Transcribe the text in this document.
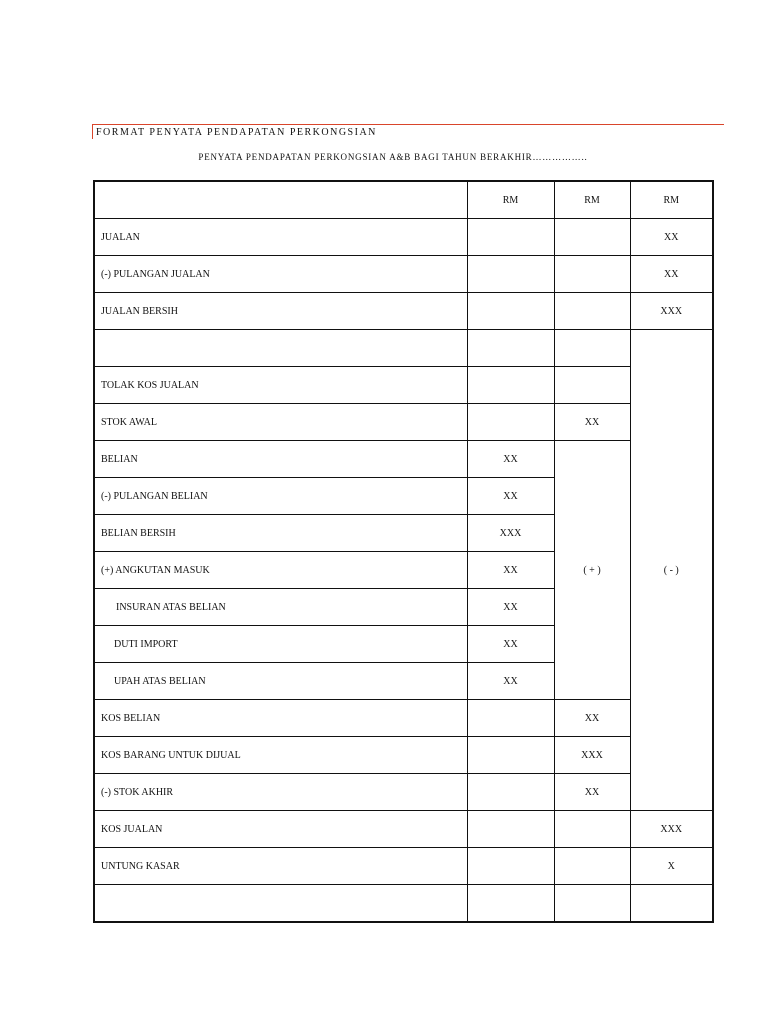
FORMAT PENYATA PENDAPATAN PERKONGSIAN
PENYATA PENDAPATAN PERKONGSIAN A&B BAGI TAHUN BERAKHIR……………..
	RM	RM	RM
JUALAN			XX
(-) PULANGAN JUALAN			XX
JUALAN BERSIH			XXX
			( - )
TOLAK KOS JUALAN			
STOK AWAL		XX	
BELIAN	XX	( + )	
(-) PULANGAN BELIAN	XX		
BELIAN BERSIH	XXX		
(+) ANGKUTAN MASUK	XX		
INSURAN ATAS BELIAN	XX		
DUTI IMPORT	XX		
UPAH ATAS BELIAN	XX		
KOS BELIAN		XX	
KOS BARANG UNTUK DIJUAL		XXX	
(-) STOK AKHIR		XX	
KOS JUALAN			XXX
UNTUNG KASAR			X
